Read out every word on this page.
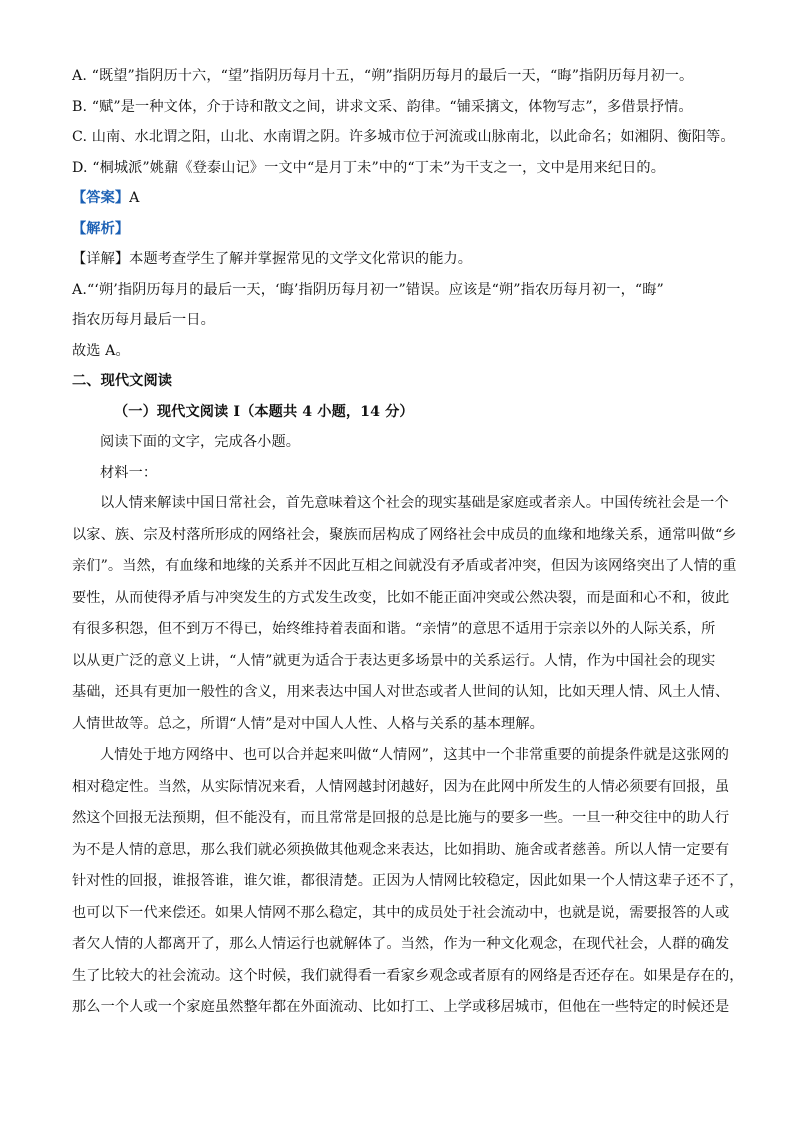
A. “既望”指阴历十六，“望”指阴历每月十五，“朔”指阴历每月的最后一天，“晦”指阴历每月初一。
B. “赋”是一种文体，介于诗和散文之间，讲求文采、韵律。“铺采摛文，体物写志”，多借景抒情。
C. 山南、水北谓之阳，山北、水南谓之阴。许多城市位于河流或山脉南北，以此命名；如湘阴、衡阳等。
D. “桐城派”姚鼐《登泰山记》一文中“是月丁未”中的“丁未”为干支之一，文中是用来纪日的。
【答案】A
【解析】
【详解】本题考查学生了解并掌握常见的文学文化常识的能力。
A.“‘朔’指阴历每月的最后一天，‘晦’指阴历每月初一”错误。应该是“朔”指农历每月初一，“晦”
指农历每月最后一日。
故选 A。
二、现代文阅读
（一）现代文阅读 I（本题共 4 小题，14 分）
阅读下面的文字，完成各小题。
材料一：
以人情来解读中国日常社会，首先意味着这个社会的现实基础是家庭或者亲人。中国传统社会是一个
以家、族、宗及村落所形成的网络社会，聚族而居构成了网络社会中成员的血缘和地缘关系，通常叫做“乡
亲们”。当然，有血缘和地缘的关系并不因此互相之间就没有矛盾或者冲突，但因为该网络突出了人情的重
要性，从而使得矛盾与冲突发生的方式发生改变，比如不能正面冲突或公然决裂，而是面和心不和，彼此
有很多积怨，但不到万不得已，始终维持着表面和谐。“亲情”的意思不适用于宗亲以外的人际关系，所
以从更广泛的意义上讲，“人情”就更为适合于表达更多场景中的关系运行。人情，作为中国社会的现实
基础，还具有更加一般性的含义，用来表达中国人对世态或者人世间的认知，比如天理人情、风土人情、
人情世故等。总之，所谓“人情”是对中国人人性、人格与关系的基本理解。
人情处于地方网络中、也可以合并起来叫做“人情网”，这其中一个非常重要的前提条件就是这张网的
相对稳定性。当然，从实际情况来看，人情网越封闭越好，因为在此网中所发生的人情必须要有回报，虽
然这个回报无法预期，但不能没有，而且常常是回报的总是比施与的要多一些。一旦一种交往中的助人行
为不是人情的意思，那么我们就必须换做其他观念来表达，比如捐助、施舍或者慈善。所以人情一定要有
针对性的回报，谁报答谁，谁欠谁，都很清楚。正因为人情网比较稳定，因此如果一个人情这辈子还不了，
也可以下一代来偿还。如果人情网不那么稳定，其中的成员处于社会流动中，也就是说，需要报答的人或
者欠人情的人都离开了，那么人情运行也就解体了。当然，作为一种文化观念，在现代社会，人群的确发
生了比较大的社会流动。这个时候，我们就得看一看家乡观念或者原有的网络是否还存在。如果是存在的，
那么一个人或一个家庭虽然整年都在外面流动、比如打工、上学或移居城市，但他在一些特定的时候还是
